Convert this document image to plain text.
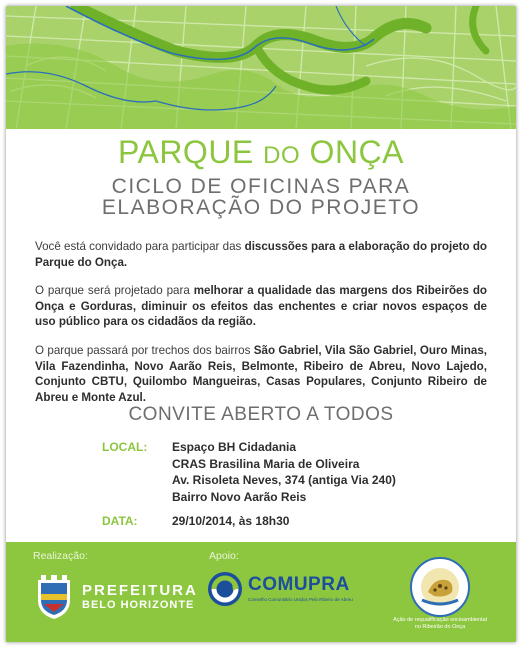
PARQUE DO ONÇA
CICLO DE OFICINAS PARA
ELABORAÇÃO DO PROJETO

Você está convidado para participar das discussões para a elaboração do projeto do Parque do Onça.

O parque será projetado para melhorar a qualidade das margens dos Ribeirões do Onça e Gorduras, diminuir os efeitos das enchentes e criar novos espaços de uso público para os cidadãos da região.

O parque passará por trechos dos bairros São Gabriel, Vila São Gabriel, Ouro Minas, Vila Fazendinha, Novo Aarão Reis, Belmonte, Ribeiro de Abreu, Novo Lajedo, Conjunto CBTU, Quilombo Mangueiras, Casas Populares, Conjunto Ribeiro de Abreu e Monte Azul.

CONVITE ABERTO A TODOS
LOCAL:	Espaço BH Cidadania
CRAS Brasilina Maria de Oliveira
Av. Risoleta Neves, 374 (antiga Via 240)
Bairro Novo Aarão Reis
DATA:	29/10/2014, às 18h30
Realização:	Apoio:
PREFEITURA
BELO HORIZONTE
COMUPRA
Conselho Comunitário Unidos Pelo Ribeiro de Abreu
Ação de requalificação socioambiental no Ribeirão do Onça
